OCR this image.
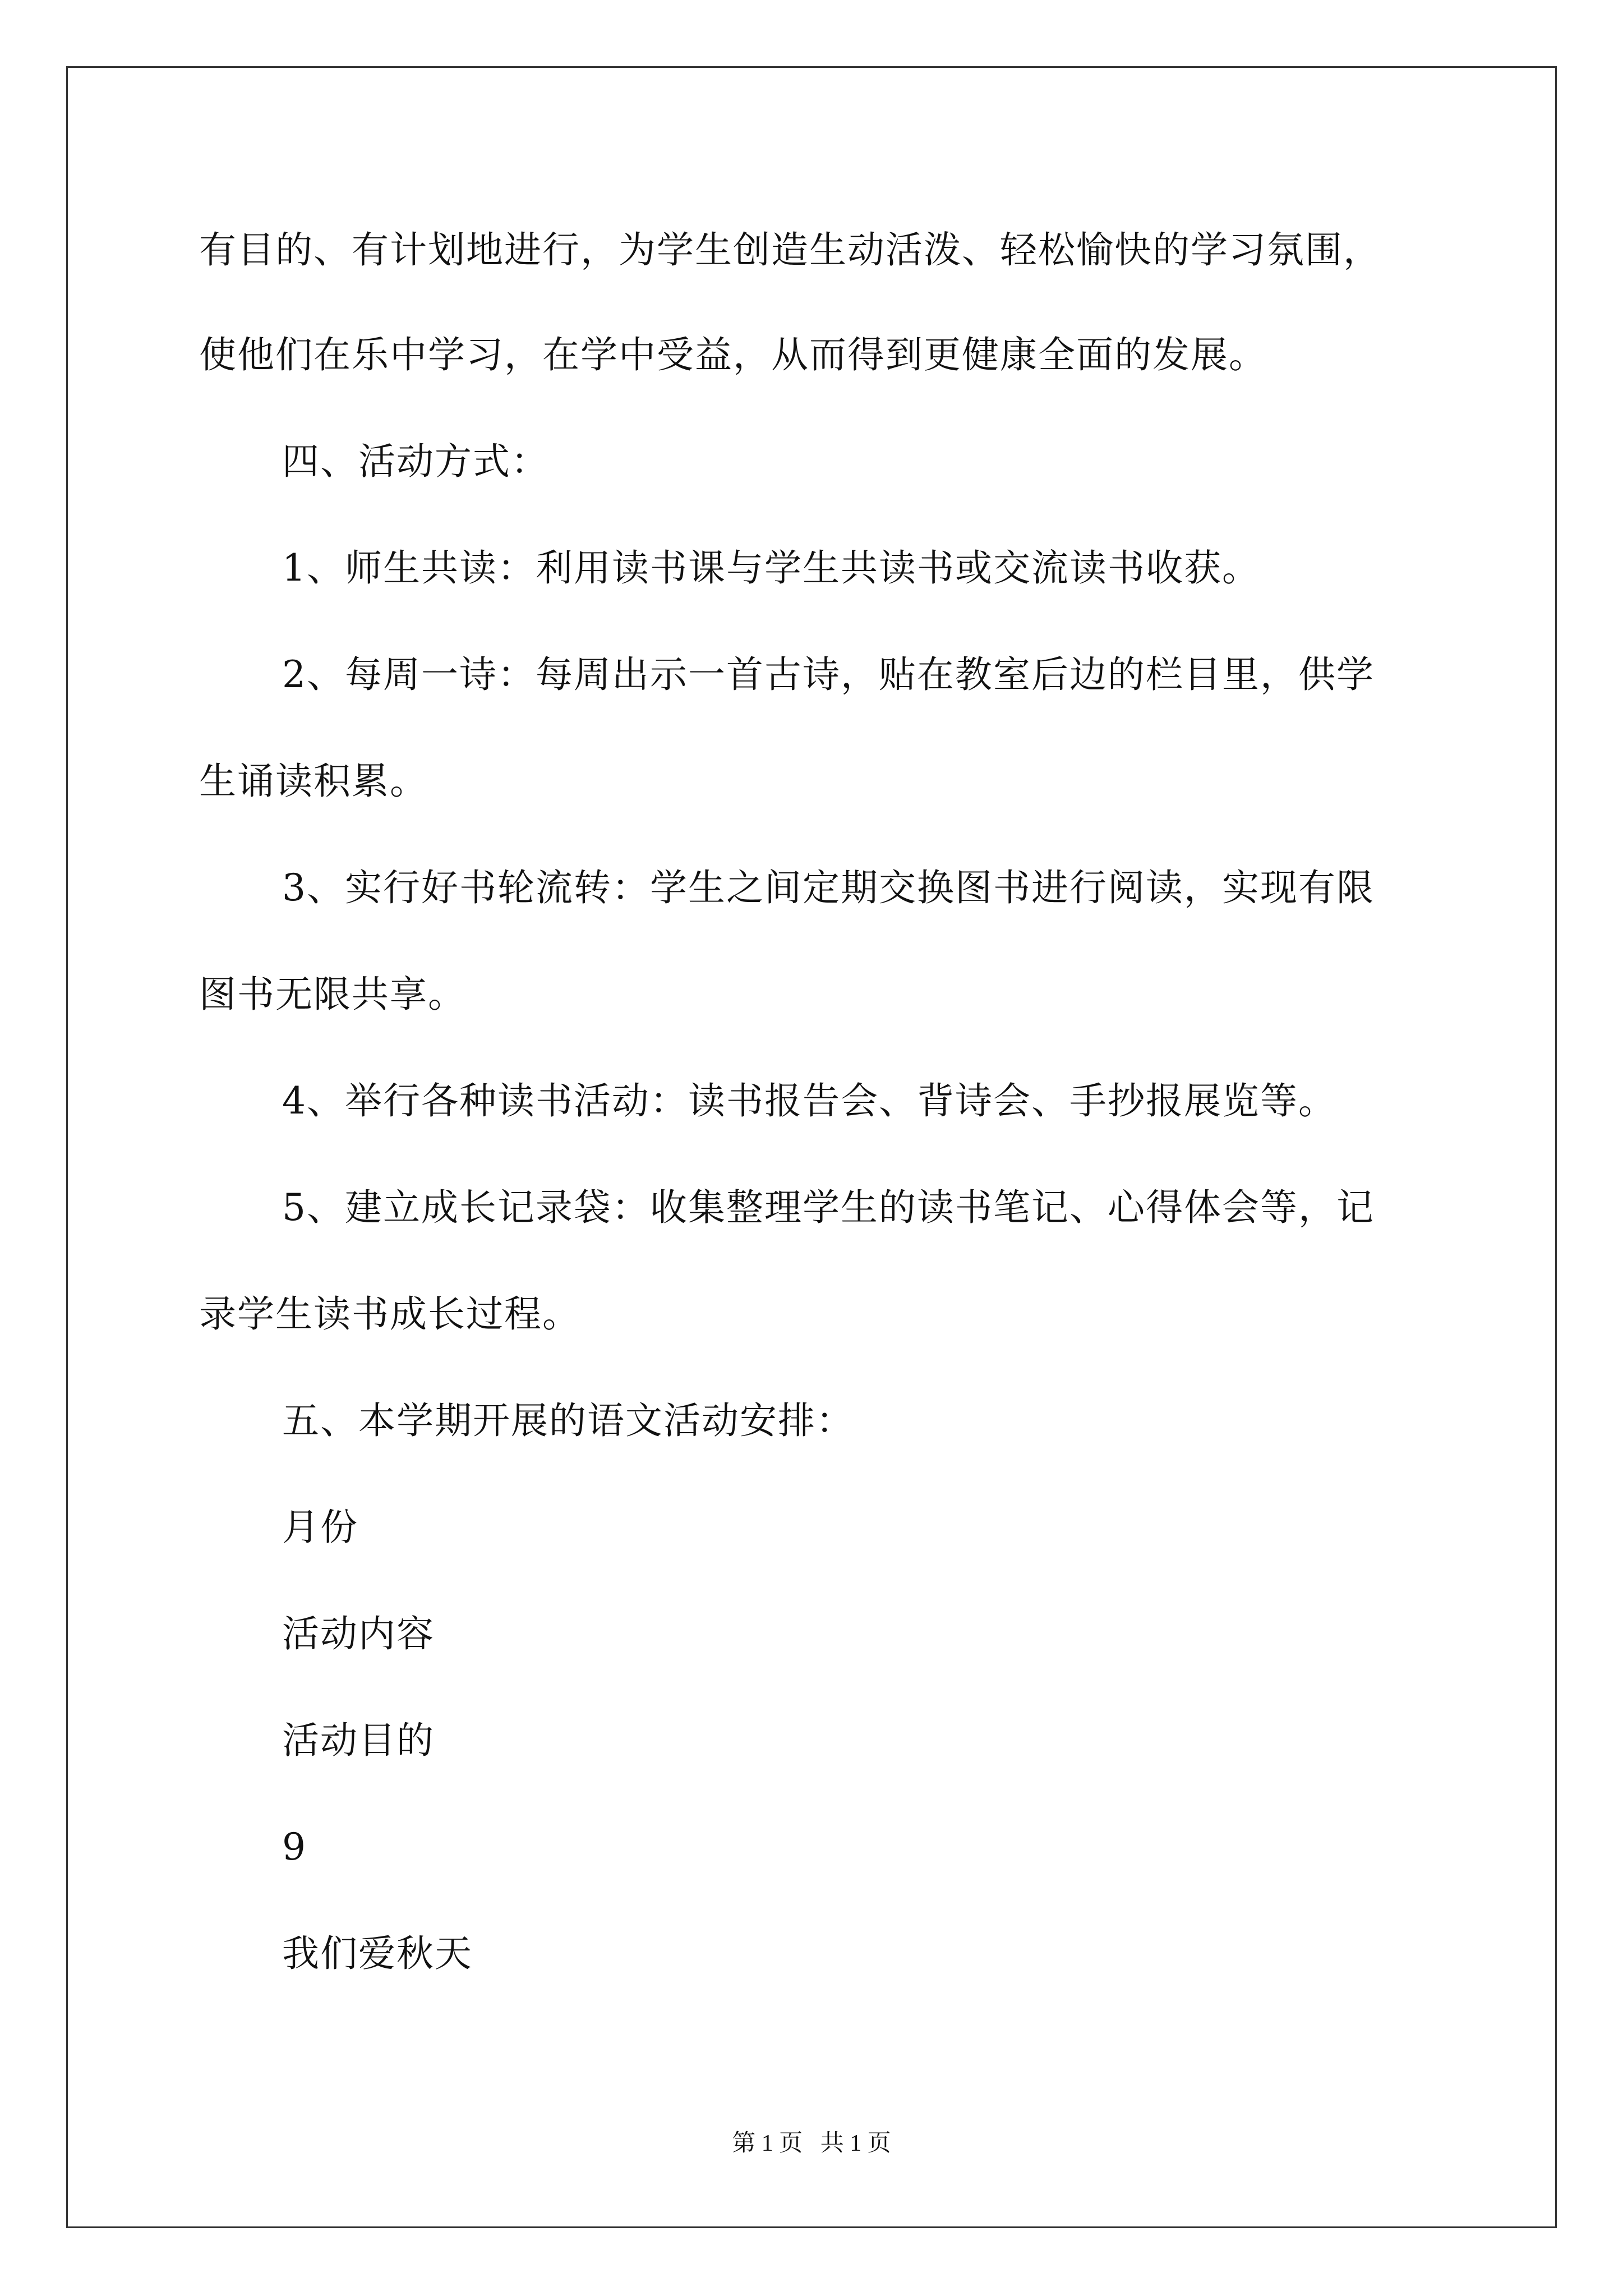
有目的、有计划地进行，为学生创造生动活泼、轻松愉快的学习氛围，
使他们在乐中学习，在学中受益，从而得到更健康全面的发展。
四、活动方式：
1、师生共读：利用读书课与学生共读书或交流读书收获。
2、每周一诗：每周出示一首古诗，贴在教室后边的栏目里，供学
生诵读积累。
3、实行好书轮流转：学生之间定期交换图书进行阅读，实现有限
图书无限共享。
4、举行各种读书活动：读书报告会、背诗会、手抄报展览等。
5、建立成长记录袋：收集整理学生的读书笔记、心得体会等，记
录学生读书成长过程。
五、本学期开展的语文活动安排：
月份
活动内容
活动目的
9
我们爱秋天
第 1 页   共 1 页
